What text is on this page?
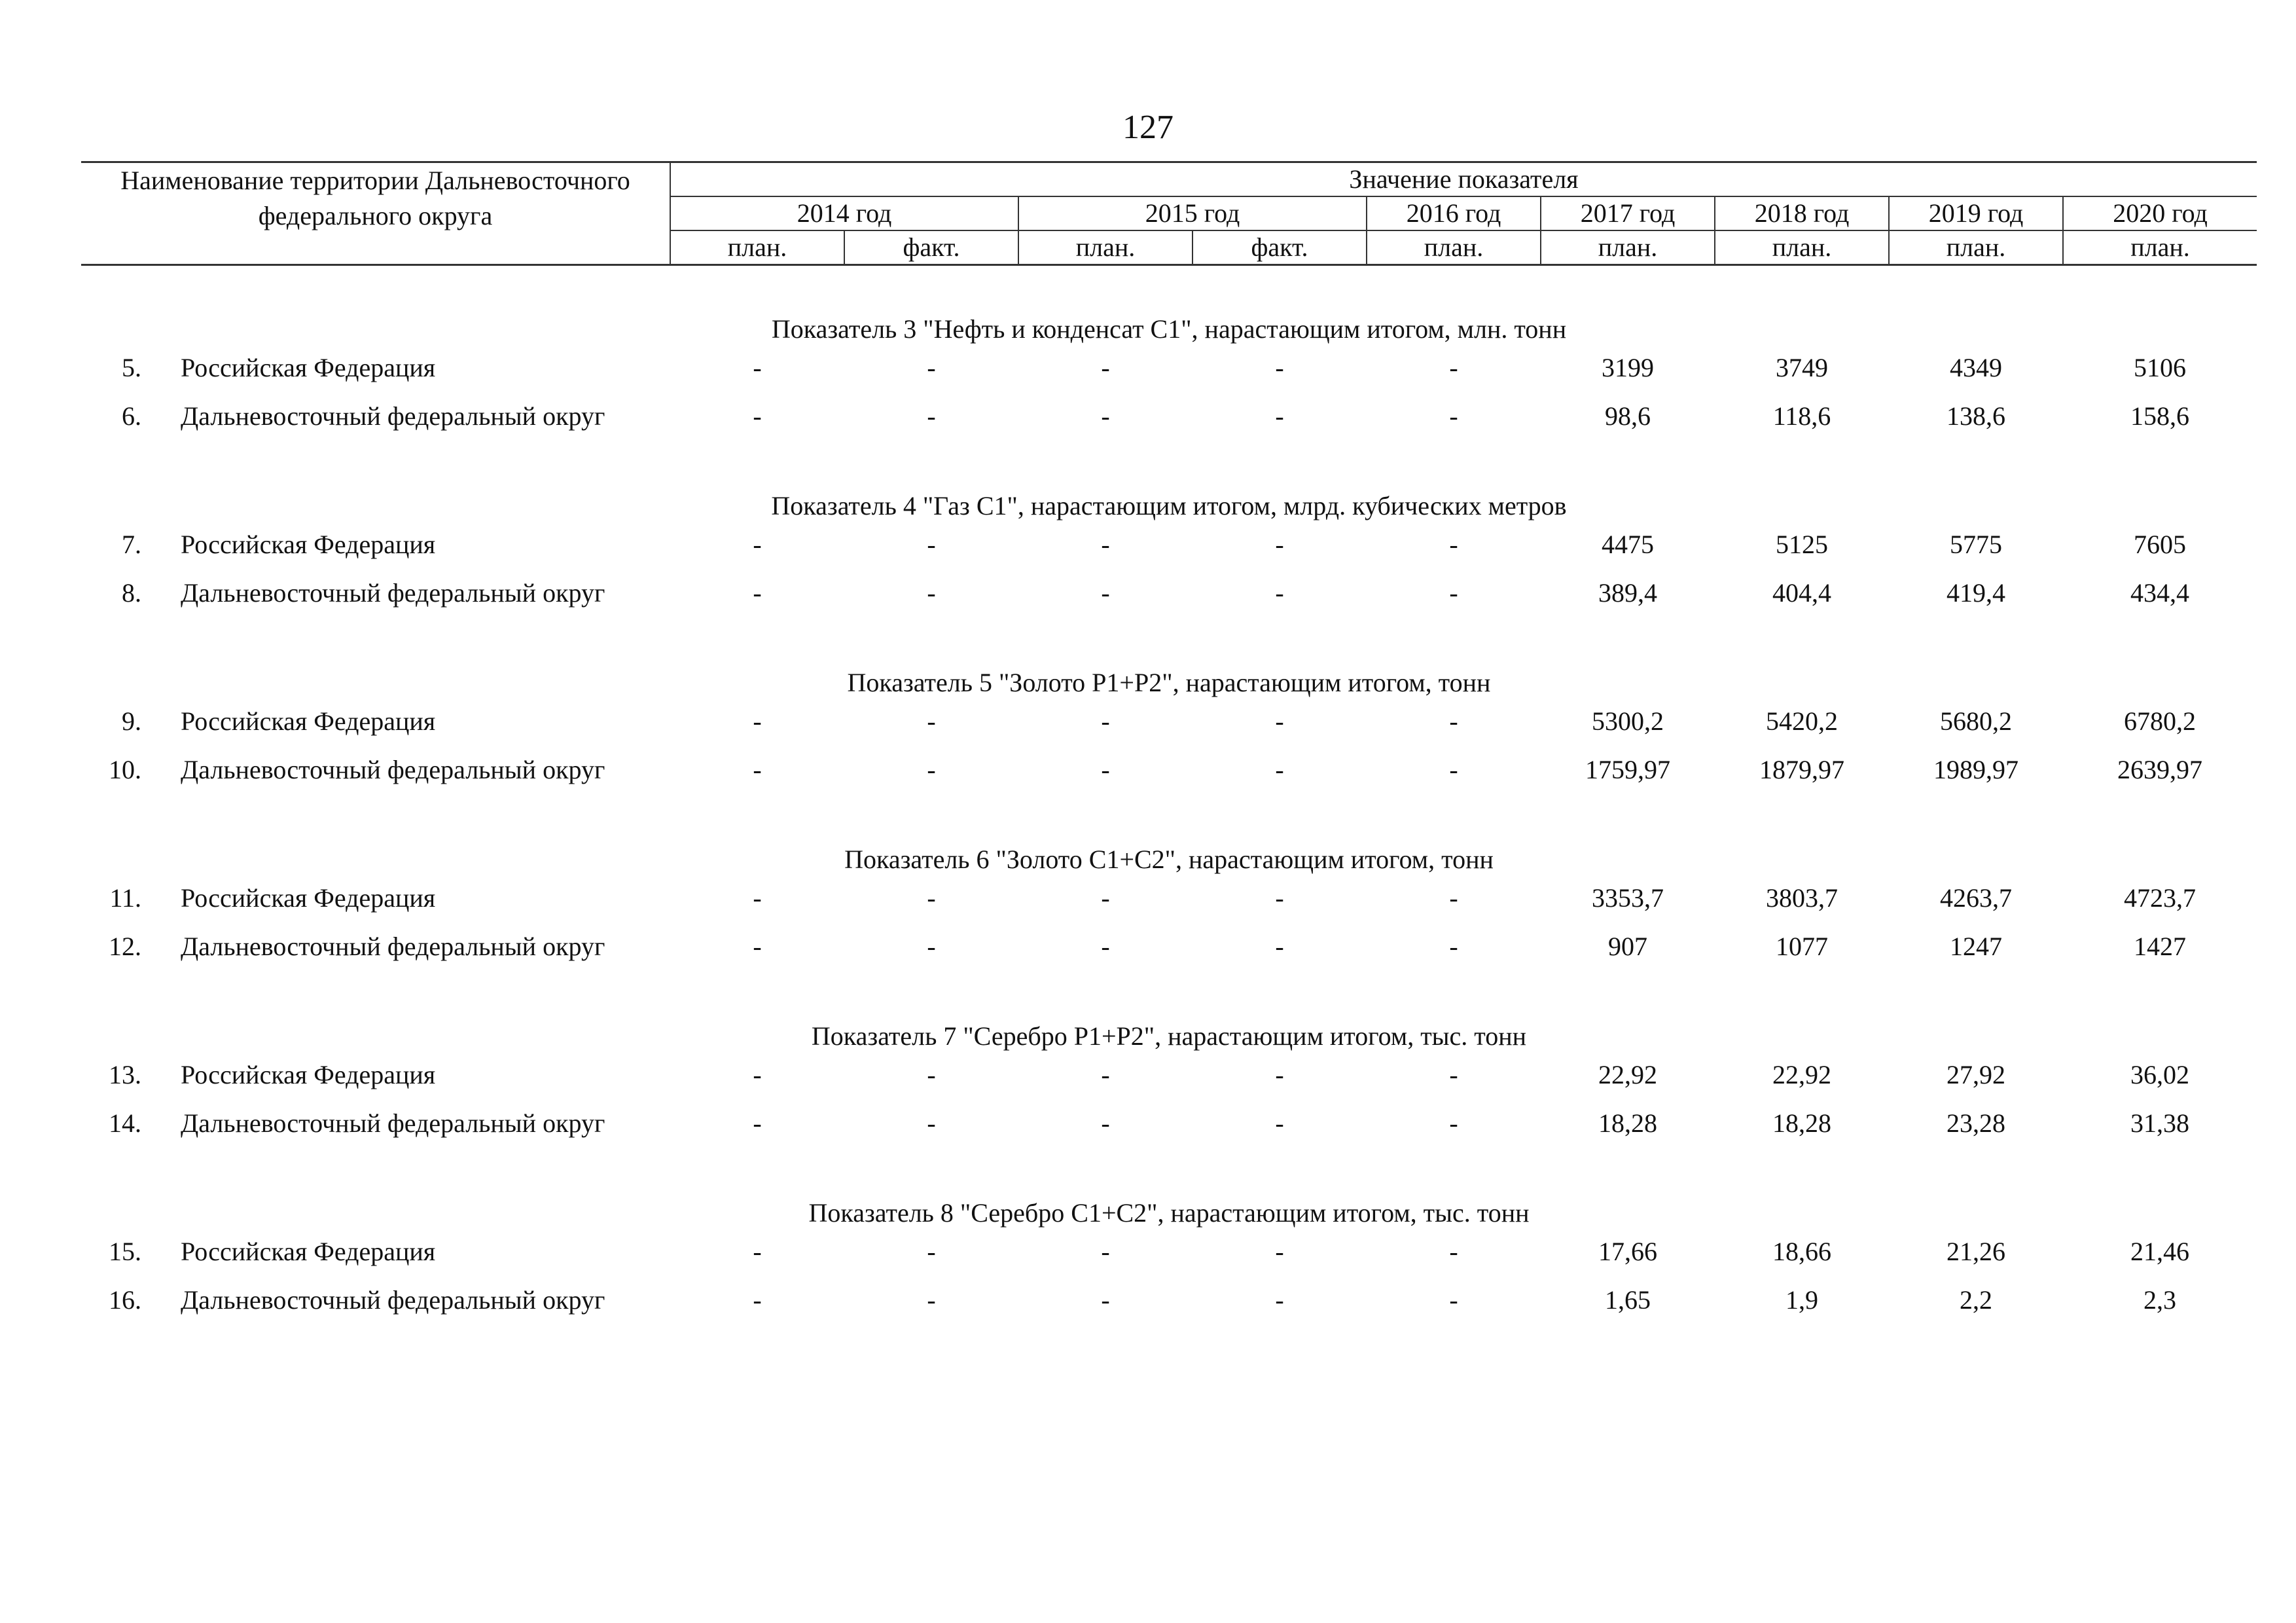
127
Наименование территории Дальневосточного федерального округа	Значение показателя								
	2014 год		2015 год		2016 год	2017 год	2018 год	2019 год	2020 год
	план.	факт.	план.	факт.	план.	план.	план.	план.	план.
Показатель 3 "Нефть и конденсат C1", нарастающим итогом, млн. тонн
5. Российская Федерация	-	-	-	-	-	3199	3749	4349	5106
6. Дальневосточный федеральный округ	-	-	-	-	-	98,6	118,6	138,6	158,6
Показатель 4 "Газ C1", нарастающим итогом, млрд. кубических метров
7. Российская Федерация	-	-	-	-	-	4475	5125	5775	7605
8. Дальневосточный федеральный округ	-	-	-	-	-	389,4	404,4	419,4	434,4
Показатель 5 "Золото P1+P2", нарастающим итогом, тонн
9. Российская Федерация	-	-	-	-	-	5300,2	5420,2	5680,2	6780,2
10. Дальневосточный федеральный округ	-	-	-	-	-	1759,97	1879,97	1989,97	2639,97
Показатель 6 "Золото C1+C2", нарастающим итогом, тонн
11. Российская Федерация	-	-	-	-	-	3353,7	3803,7	4263,7	4723,7
12. Дальневосточный федеральный округ	-	-	-	-	-	907	1077	1247	1427
Показатель 7 "Серебро P1+P2", нарастающим итогом, тыс. тонн
13. Российская Федерация	-	-	-	-	-	22,92	22,92	27,92	36,02
14. Дальневосточный федеральный округ	-	-	-	-	-	18,28	18,28	23,28	31,38
Показатель 8 "Серебро C1+C2", нарастающим итогом, тыс. тонн
15. Российская Федерация	-	-	-	-	-	17,66	18,66	21,26	21,46
16. Дальневосточный федеральный округ	-	-	-	-	-	1,65	1,9	2,2	2,3
